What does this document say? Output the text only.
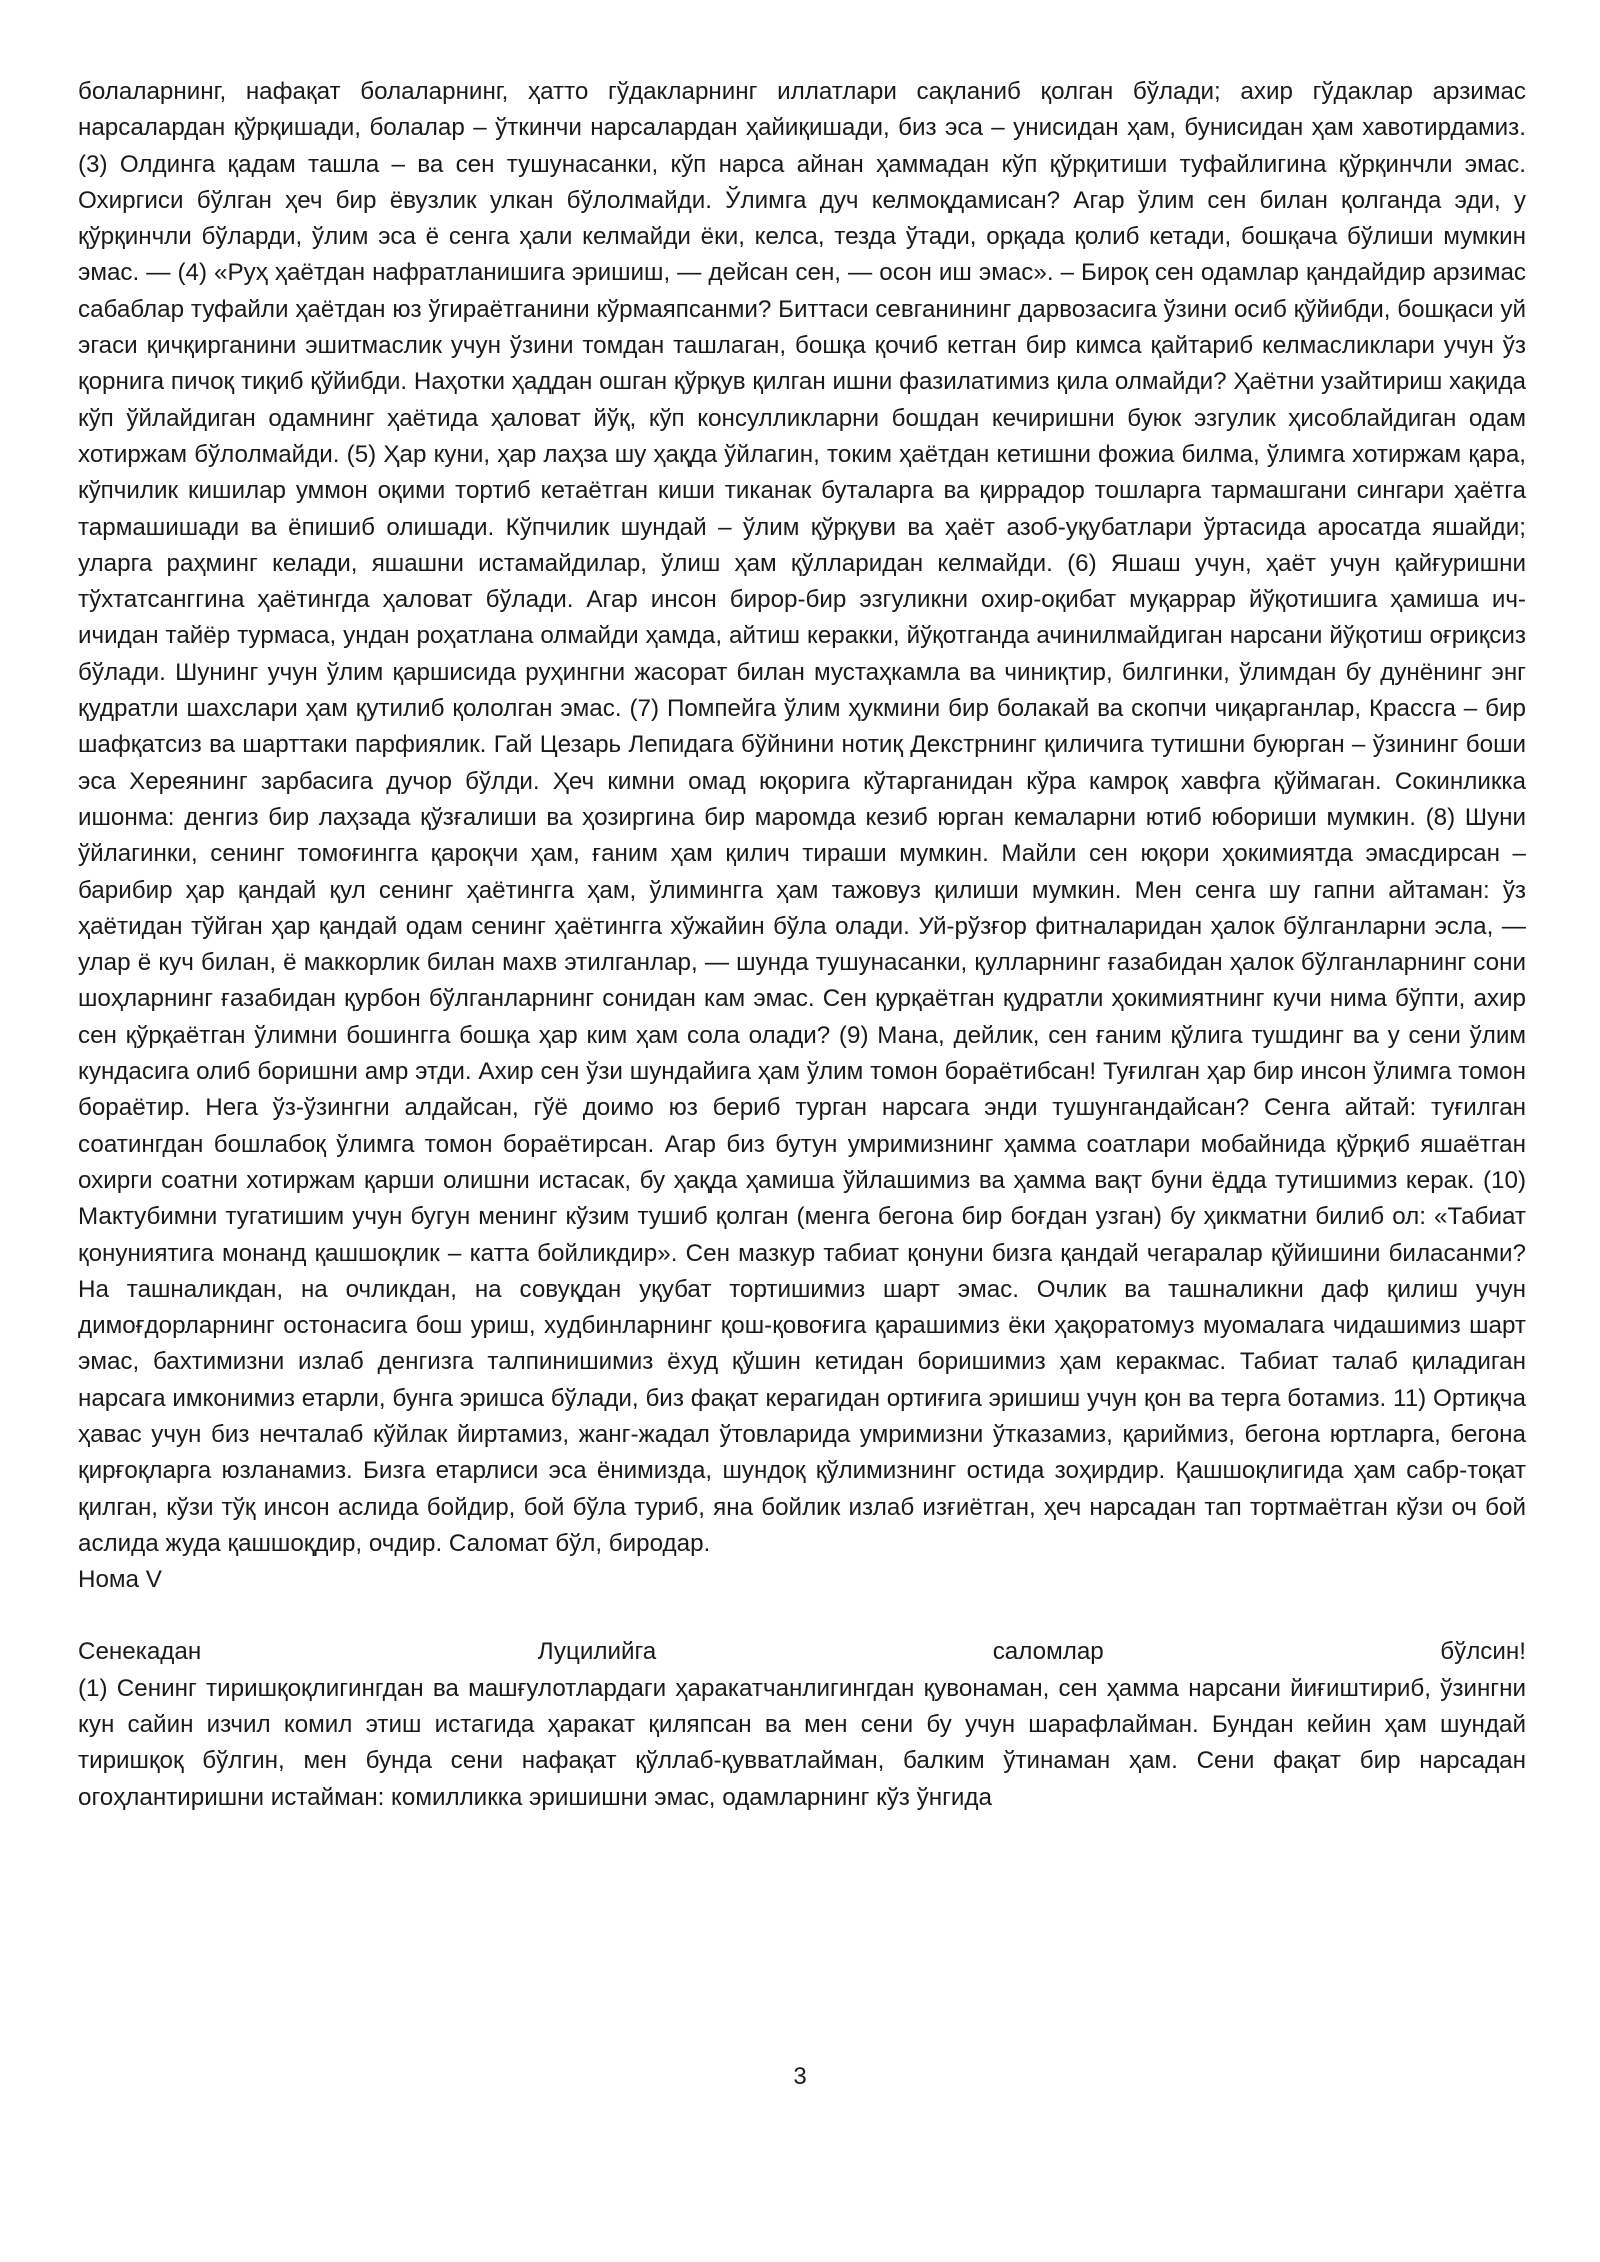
болаларнинг, нафақат болаларнинг, ҳатто гўдакларнинг иллатлари сақланиб қолган бўлади; ахир гўдаклар арзимас нарсалардан қўрқишади, болалар – ўткинчи нарсалардан ҳайиқишади, биз эса – унисидан ҳам, бунисидан ҳам хавотирдамиз. (3) Олдинга қадам ташла – ва сен тушунасанки, кўп нарса айнан ҳаммадан кўп қўрқитиши туфайлигина қўрқинчли эмас. Охиргиси бўлган ҳеч бир ёвузлик улкан бўлолмайди. Ўлимга дуч келмоқдамисан? Агар ўлим сен билан қолганда эди, у қўрқинчли бўларди, ўлим эса ё сенга ҳали келмайди ёки, келса, тезда ўтади, орқада қолиб кетади, бошқача бўлиши мумкин эмас. — (4) «Руҳ ҳаётдан нафратланишига эришиш, — дейсан сен, — осон иш эмас». – Бироқ сен одамлар қандайдир арзимас сабаблар туфайли ҳаётдан юз ўгираётганини кўрмаяпсанми? Биттаси севганининг дарвозасига ўзини осиб қўйибди, бошқаси уй эгаси қичқирганини эшитмаслик учун ўзини томдан ташлаган, бошқа қочиб кетган бир кимса қайтариб келмасликлари учун ўз қорнига пичоқ тиқиб қўйибди. Наҳотки ҳаддан ошган қўрқув қилган ишни фазилатимиз қила олмайди? Ҳаётни узайтириш хақида кўп ўйлайдиган одамнинг ҳаётида ҳаловат йўқ, кўп консулликларни бошдан кечиришни буюк эзгулик ҳисоблайдиган одам хотиржам бўлолмайди. (5) Ҳар куни, ҳар лаҳза шу ҳақда ўйлагин, токим ҳаётдан кетишни фожиа билма, ўлимга хотиржам қара, кўпчилик кишилар уммон оқими тортиб кетаётган киши тиканак буталарга ва қиррадор тошларга тармашгани сингари ҳаётга тармашишади ва ёпишиб олишади. Кўпчилик шундай – ўлим қўрқуви ва ҳаёт азоб-уқубатлари ўртасида аросатда яшайди; уларга раҳминг келади, яшашни истамайдилар, ўлиш ҳам қўлларидан келмайди. (6) Яшаш учун, ҳаёт учун қайғуришни тўхтатсанггина ҳаётингда ҳаловат бўлади. Агар инсон бирор-бир эзгуликни охир-оқибат муқаррар йўқотишига ҳамиша ич-ичидан тайёр турмаса, ундан роҳатлана олмайди ҳамда, айтиш керакки, йўқотганда ачинилмайдиган нарсани йўқотиш оғриқсиз бўлади. Шунинг учун ўлим қаршисида руҳингни жасорат билан мустаҳкамла ва чиниқтир, билгинки, ўлимдан бу дунёнинг энг қудратли шахслари ҳам қутилиб қололган эмас. (7) Помпейга ўлим ҳукмини бир болакай ва скопчи чиқарганлар, Крассга – бир шафқатсиз ва шарттаки парфиялик. Гай Цезарь Лепидага бўйнини нотиқ Декстрнинг қиличига тутишни буюрган – ўзининг боши эса Хереянинг зарбасига дучор бўлди. Ҳеч кимни омад юқорига кўтарганидан кўра камроқ хавфга қўймаган. Сокинликка ишонма: денгиз бир лаҳзада қўзғалиши ва ҳозиргина бир маромда кезиб юрган кемаларни ютиб юбориши мумкин. (8) Шуни ўйлагинки, сенинг томоғингга қароқчи ҳам, ғаним ҳам қилич тираши мумкин. Майли сен юқори ҳокимиятда эмасдирсан – барибир ҳар қандай қул сенинг ҳаётингга ҳам, ўлимингга ҳам тажовуз қилиши мумкин. Мен сенга шу гапни айтаман: ўз ҳаётидан тўйган ҳар қандай одам сенинг ҳаётингга хўжайин бўла олади. Уй-рўзғор фитналаридан ҳалок бўлганларни эсла, — улар ё куч билан, ё маккорлик билан махв этилганлар, — шунда тушунасанки, қулларнинг ғазабидан ҳалок бўлганларнинг сони шоҳларнинг ғазабидан қурбон бўлганларнинг сонидан кам эмас. Сен қурқаётган қудратли ҳокимиятнинг кучи нима бўпти, ахир сен қўрқаётган ўлимни бошингга бошқа ҳар ким ҳам сола олади? (9) Мана, дейлик, сен ғаним қўлига тушдинг ва у сени ўлим кундасига олиб боришни амр этди. Ахир сен ўзи шундайига ҳам ўлим томон бораётибсан! Туғилган ҳар бир инсон ўлимга томон бораётир. Нега ўз-ўзингни алдайсан, гўё доимо юз бериб турган нарсага энди тушунгандайсан? Сенга айтай: туғилган соатингдан бошлабоқ ўлимга томон бораётирсан. Агар биз бутун умримизнинг ҳамма соатлари мобайнида қўрқиб яшаётган охирги соатни хотиржам қарши олишни истасак, бу ҳақда ҳамиша ўйлашимиз ва ҳамма вақт буни ёдда тутишимиз керак. (10) Мактубимни тугатишим учун бугун менинг кўзим тушиб қолган (менга бегона бир боғдан узган) бу ҳикматни билиб ол: «Табиат қонуниятига монанд қашшоқлик – катта бойликдир». Сен мазкур табиат қонуни бизга қандай чегаралар қўйишини биласанми? На ташналикдан, на очликдан, на совуқдан уқубат тортишимиз шарт эмас. Очлик ва ташналикни даф қилиш учун димоғдорларнинг остонасига бош уриш, худбинларнинг қош-қовоғига қарашимиз ёки ҳақоратомуз муомалага чидашимиз шарт эмас, бахтимизни излаб денгизга талпинишимиз ёхуд қўшин кетидан боришимиз ҳам керакмас. Табиат талаб қиладиган нарсага имконимиз етарли, бунга эришса бўлади, биз фақат керагидан ортиғига эришиш учун қон ва терга ботамиз. 11) Ортиқча ҳавас учун биз нечталаб кўйлак йиртамиз, жанг-жадал ўтовларида умримизни ўтказамиз, қариймиз, бегона юртларга, бегона қирғоқларга юзланамиз. Бизга етарлиси эса ёнимизда, шундоқ қўлимизнинг остида зоҳирдир. Қашшоқлигида ҳам сабр-тоқат қилган, кўзи тўқ инсон аслида бойдир, бой бўла туриб, яна бойлик излаб изғиётган, ҳеч нарсадан тап тортмаётган кўзи оч бой аслида жуда қашшоқдир, очдир. Саломат бўл, биродар.

Нома V

Сенекадан Луцилийга саломлар бўлсин!

(1) Сенинг тиришқоқлигингдан ва машғулотлардаги ҳаракатчанлигингдан қувонаман, сен ҳамма нарсани йиғиштириб, ўзингни кун сайин изчил комил этиш истагида ҳаракат қиляпсан ва мен сени бу учун шарафлайман. Бундан кейин ҳам шундай тиришқоқ бўлгин, мен бунда сени нафақат қўллаб-қувватлайман, балким ўтинаман ҳам. Сени фақат бир нарсадан огоҳлантиришни истайман: комилликка эришишни эмас, одамларнинг кўз ўнгида

3
